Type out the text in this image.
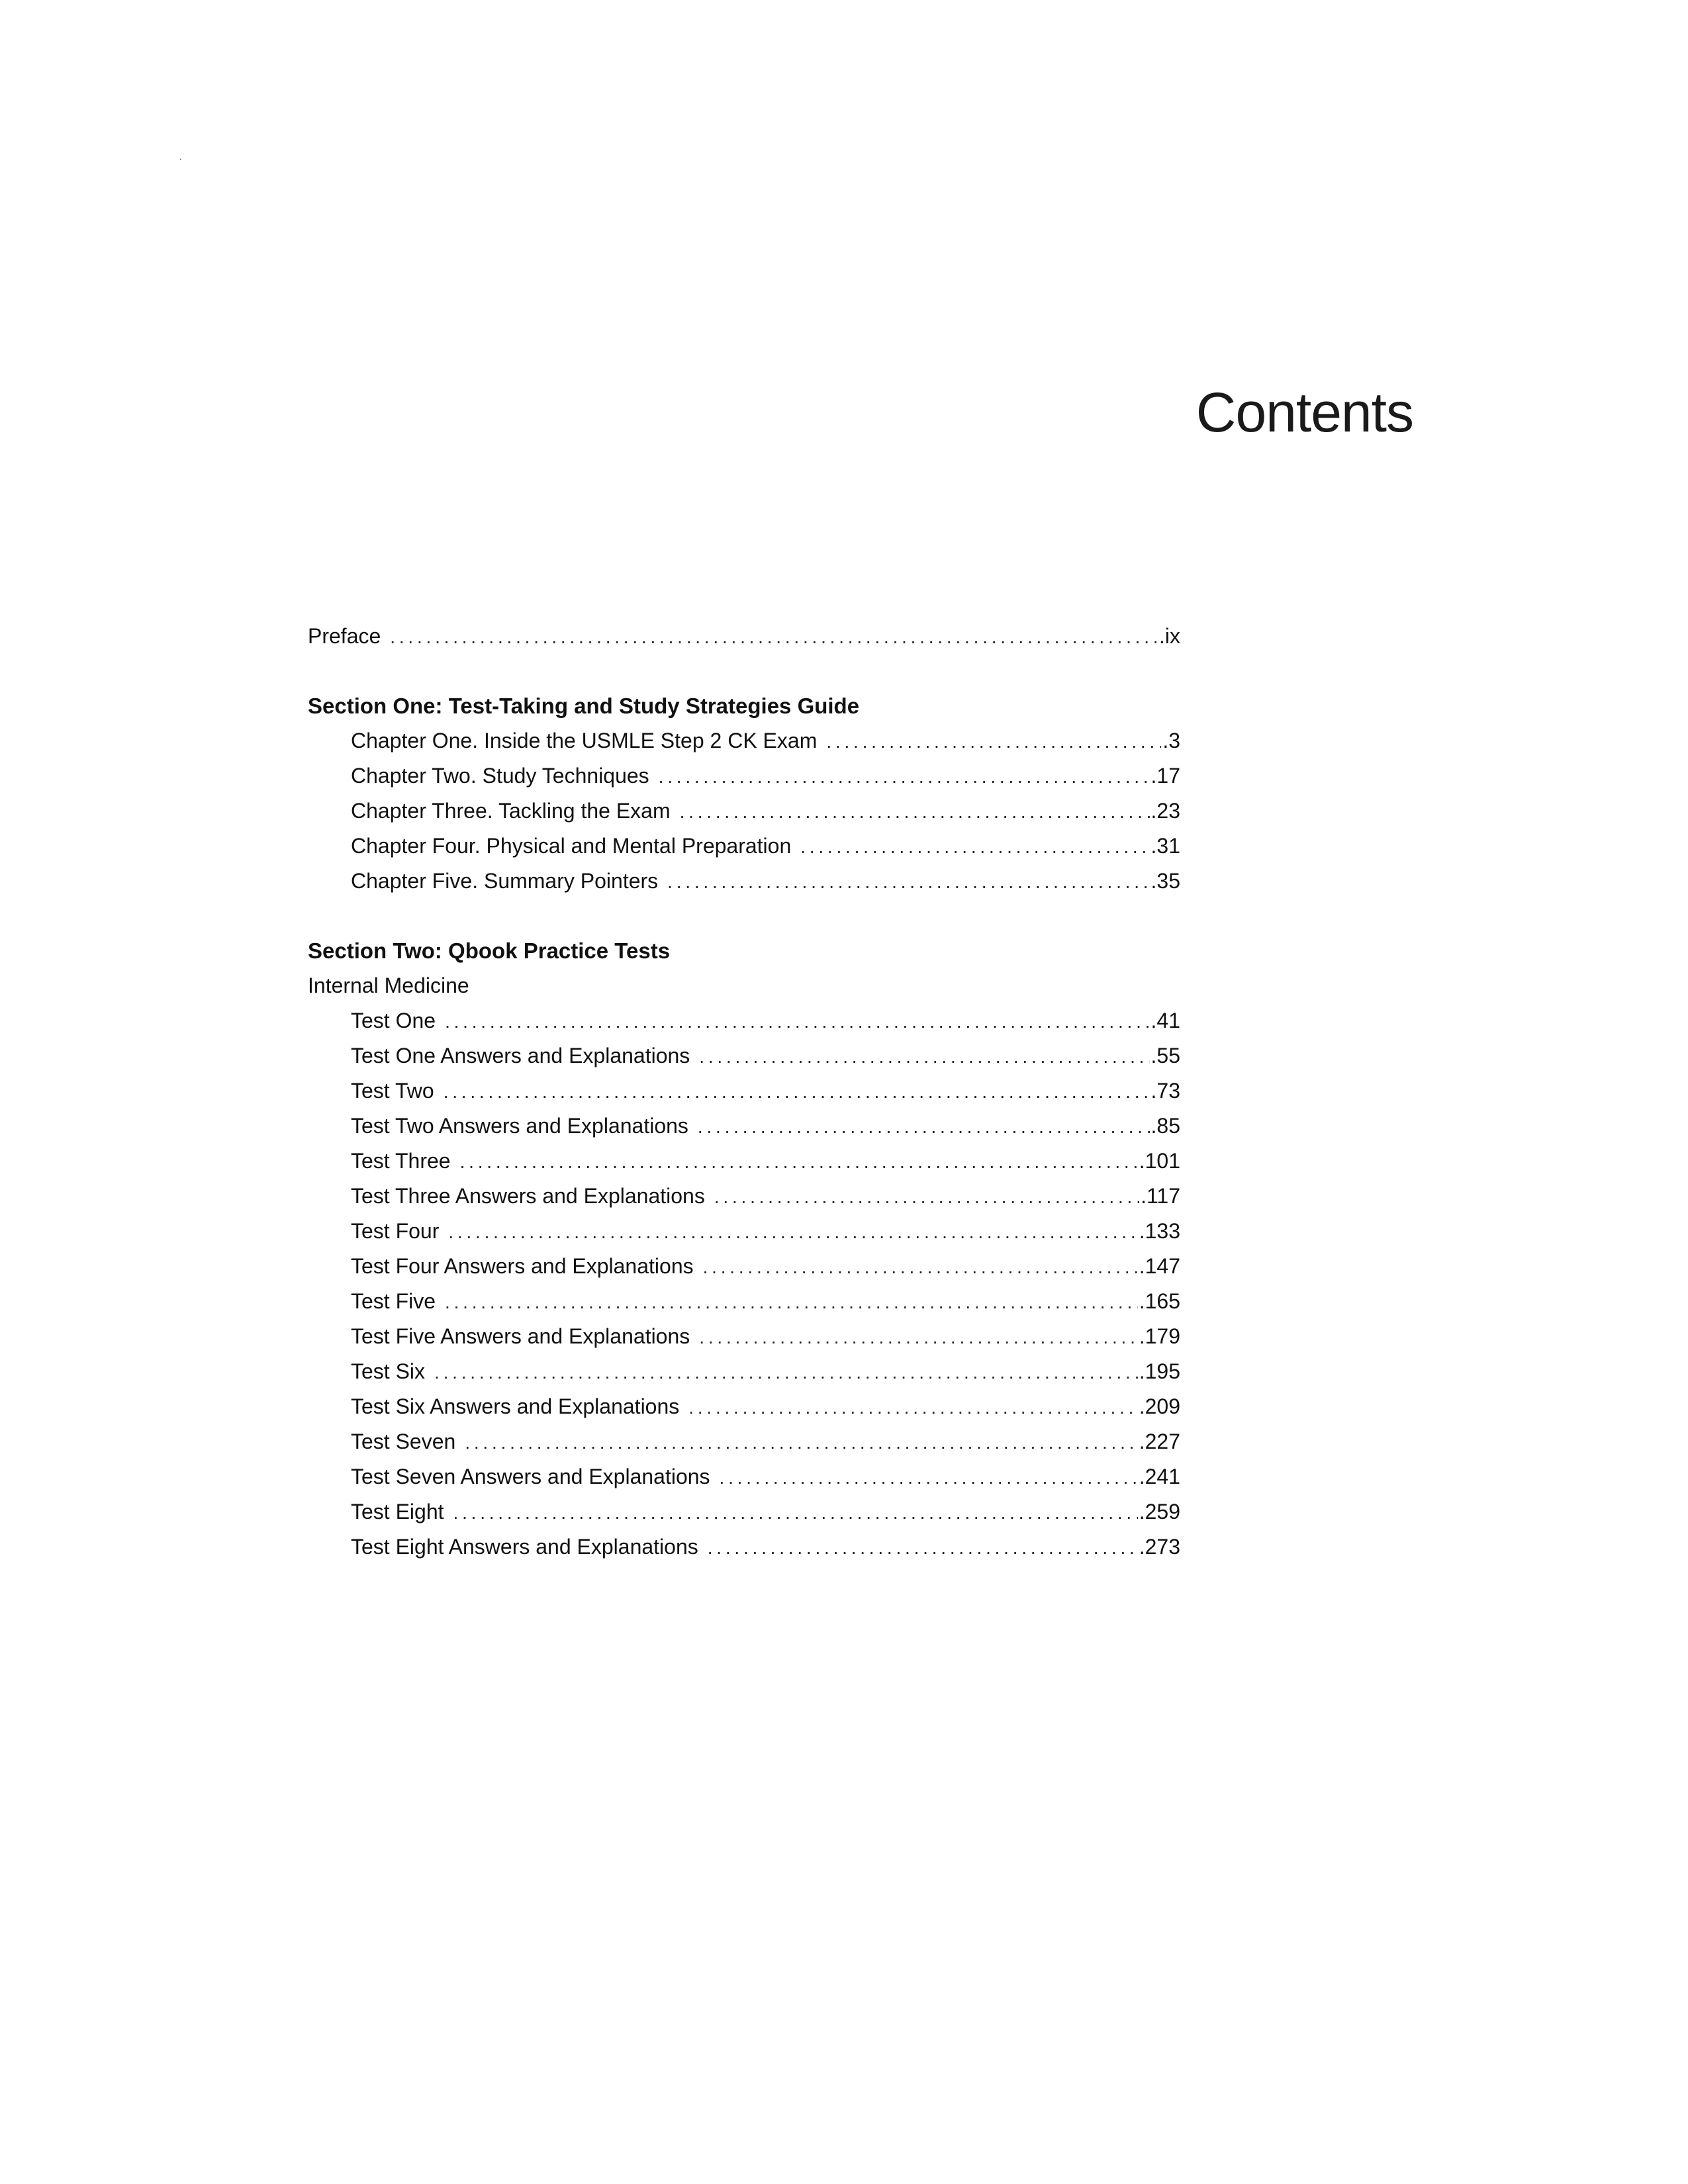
·
Contents
Preface . . .	.ix
Section One: Test-Taking and Study Strategies Guide
Chapter One. Inside the USMLE Step 2 CK Exam . . .	.3
Chapter Two. Study Techniques . . .	.17
Chapter Three. Tackling the Exam . . .	.23
Chapter Four. Physical and Mental Preparation . . .	.31
Chapter Five. Summary Pointers . . .	.35
Section Two: Qbook Practice Tests
Internal Medicine
Test One . . .	.41
Test One Answers and Explanations . . .	.55
Test Two . . .	.73
Test Two Answers and Explanations . . .	.85
Test Three . . .	.101
Test Three Answers and Explanations . . .	.117
Test Four . . .	.133
Test Four Answers and Explanations . . .	.147
Test Five . . .	.165
Test Five Answers and Explanations . . .	.179
Test Six . . .	.195
Test Six Answers and Explanations . . .	.209
Test Seven . . .	.227
Test Seven Answers and Explanations . . .	.241
Test Eight . . .	.259
Test Eight Answers and Explanations . . .	.273
